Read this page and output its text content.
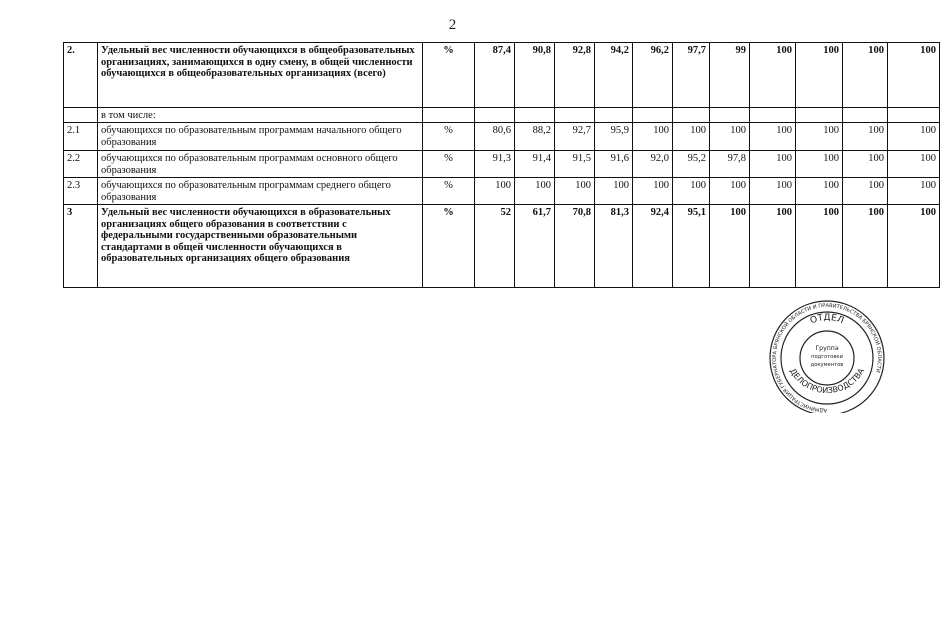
2
2.	Удельный вес численности обучающихся в общеобразовательных организациях, занимающихся в одну смену, в общей численности обучающихся в общеобразовательных организациях (всего)	%	87,4	90,8	92,8	94,2	96,2	97,7	99	100	100	100	100
	в том числе:												
2.1	обучающихся по образовательным программам начального общего образования	%	80,6	88,2	92,7	95,9	100	100	100	100	100	100	100
2.2	обучающихся по образовательным программам основного общего образования	%	91,3	91,4	91,5	91,6	92,0	95,2	97,8	100	100	100	100
2.3	обучающихся по образовательным программам среднего общего образования	%	100	100	100	100	100	100	100	100	100	100	100
3	Удельный вес численности обучающихся в образовательных организациях общего образования в соответствии с федеральными государственными образовательными стандартами в общей численности обучающихся в образовательных организациях общего образования	%	52	61,7	70,8	81,3	92,4	95,1	100	100	100	100	100
АДМИНИСТРАЦИЯ ГУБЕРНАТОРА БРЯНСКОЙ ОБЛАСТИ И ПРАВИТЕЛЬСТВА БРЯНСКОЙ ОБЛАСТИ
ОТДЕЛ
ДЕЛОПРОИЗВОДСТВА
Группа
подготовки
документов
